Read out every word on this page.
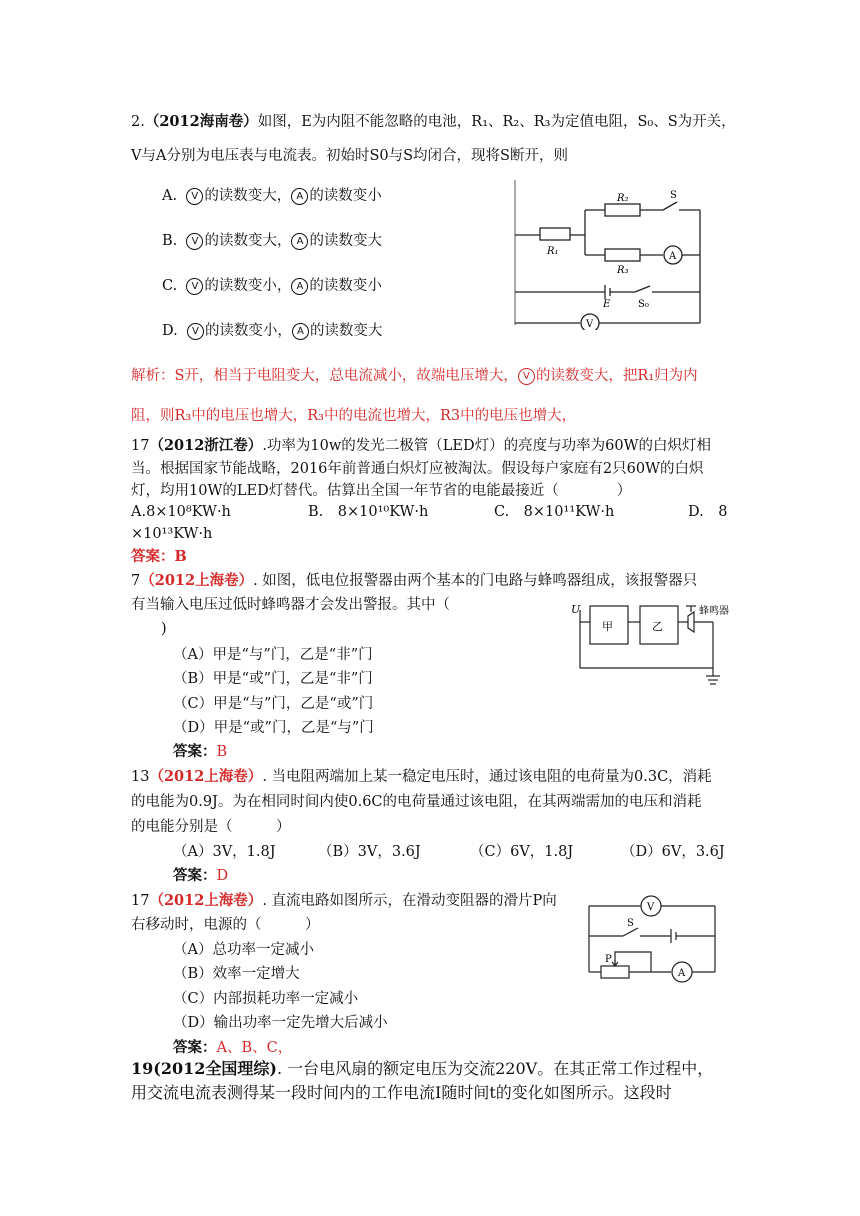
2.（2012海南卷）如图，E为内阻不能忽略的电池，R₁、R₂、R₃为定值电阻，S₀、S为开关，
V与A分别为电压表与电流表。初始时S0与S均闭合，现将S断开，则
A. V 的读数变大， A 的读数变小
B. V 的读数变大， A 的读数变大
C. V 的读数变小， A 的读数变小
D. V 的读数变小， A 的读数变大
R₂	S
R₁
R₃
A
E	S₀
V
解析：S开，相当于电阻变大，总电流减小，故端电压增大， V 的读数变大，把R₁归为内
阻，则R₃中的电压也增大，R₃中的电流也增大，R3中的电压也增大，
17（2012浙江卷）.功率为10w的发光二极管（LED灯）的亮度与功率为60W的白炽灯相
当。根据国家节能战略，2016年前普通白炽灯应被淘汰。假设每户家庭有2只60W的白炽
灯，均用10W的LED灯替代。估算出全国一年节省的电能最接近（　　　　）
A.8×10⁸KW·h	B.　8×10¹⁰KW·h	C.　8×10¹¹KW·h	D.　8
×10¹³KW·h
答案：B
7（2012上海卷）. 如图，低电位报警器由两个基本的门电路与蜂鸣器组成，该报警器只
有当输入电压过低时蜂鸣器才会发出警报。其中（
)
（A）甲是“与”门，乙是“非”门
（B）甲是“或”门，乙是“非”门
（C）甲是“与”门，乙是“或”门
（D）甲是“或”门，乙是“与”门
答案：B
U
甲	乙
蜂鸣器
13（2012上海卷）. 当电阻两端加上某一稳定电压时，通过该电阻的电荷量为0.3C，消耗
的电能为0.9J。为在相同时间内使0.6C的电荷量通过该电阻，在其两端需加的电压和消耗
的电能分别是（　　　）
（A）3V，1.8J	（B）3V，3.6J	（C）6V，1.8J	（D）6V，3.6J
答案：D
17（2012上海卷）. 直流电路如图所示，在滑动变阻器的滑片P向
右移动时，电源的（　　　）
（A）总功率一定减小
（B）效率一定增大
（C）内部损耗功率一定减小
（D）输出功率一定先增大后减小
答案：A、B、C，
V
S
P
A
19(2012全国理综). 一台电风扇的额定电压为交流220V。在其正常工作过程中，
用交流电流表测得某一段时间内的工作电流I随时间t的变化如图所示。这段时
